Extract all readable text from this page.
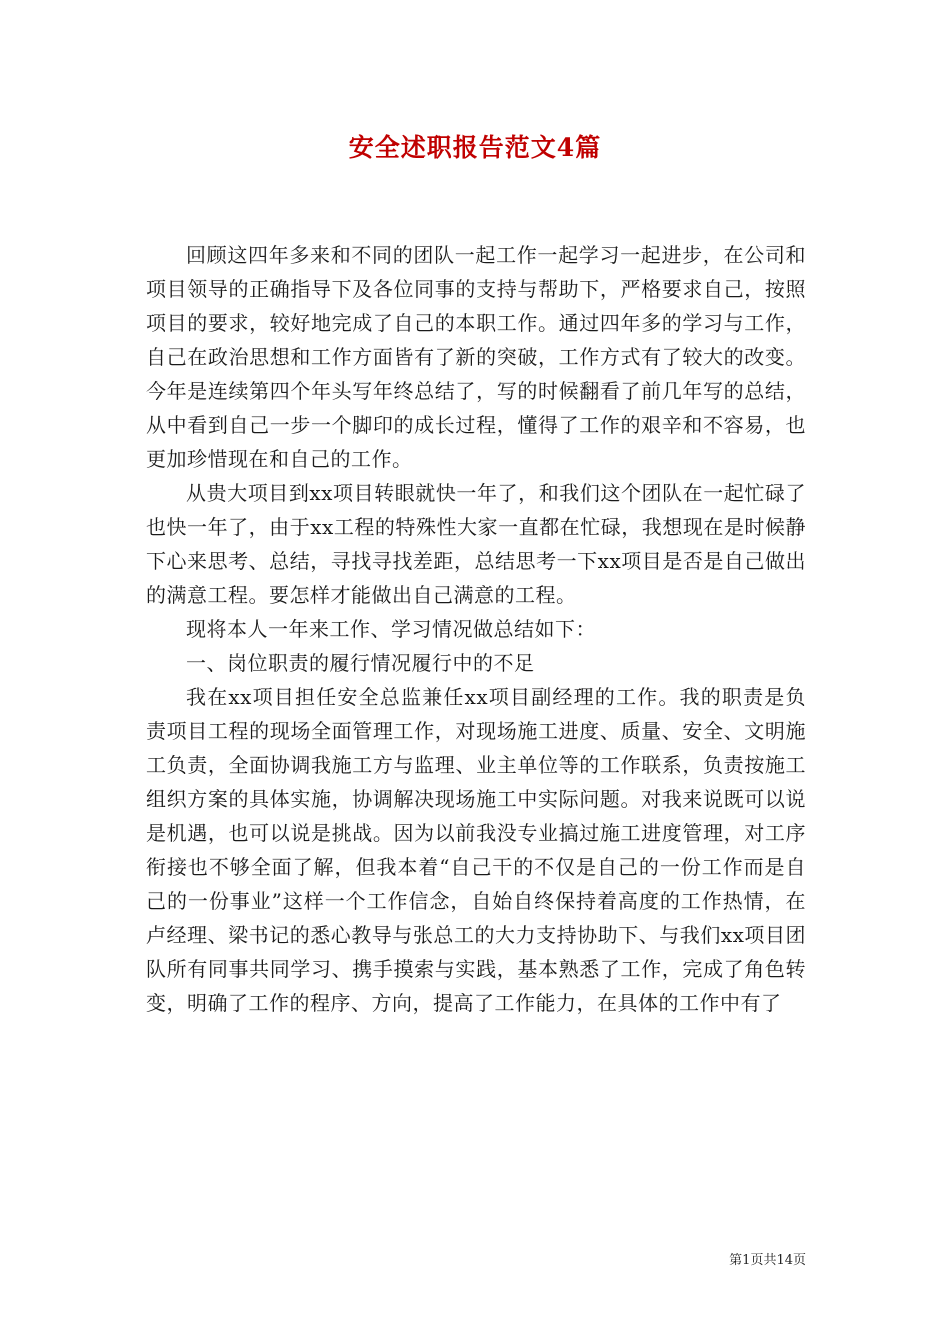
安全述职报告范文4篇

回顾这四年多来和不同的团队一起工作一起学习一起进步，在公司和项目领导的正确指导下及各位同事的支持与帮助下，严格要求自己，按照项目的要求，较好地完成了自己的本职工作。通过四年多的学习与工作，自己在政治思想和工作方面皆有了新的突破，工作方式有了较大的改变。今年是连续第四个年头写年终总结了，写的时候翻看了前几年写的总结，从中看到自己一步一个脚印的成长过程，懂得了工作的艰辛和不容易，也更加珍惜现在和自己的工作。

从贵大项目到xx项目转眼就快一年了，和我们这个团队在一起忙碌了也快一年了，由于xx工程的特殊性大家一直都在忙碌，我想现在是时候静下心来思考、总结，寻找寻找差距，总结思考一下xx项目是否是自己做出的满意工程。要怎样才能做出自己满意的工程。

现将本人一年来工作、学习情况做总结如下：

一、岗位职责的履行情况履行中的不足

我在xx项目担任安全总监兼任xx项目副经理的工作。我的职责是负责项目工程的现场全面管理工作，对现场施工进度、质量、安全、文明施工负责，全面协调我施工方与监理、业主单位等的工作联系，负责按施工组织方案的具体实施，协调解决现场施工中实际问题。对我来说既可以说是机遇，也可以说是挑战。因为以前我没专业搞过施工进度管理，对工序衔接也不够全面了解，但我本着“自己干的不仅是自己的一份工作而是自己的一份事业”这样一个工作信念，自始自终保持着高度的工作热情，在卢经理、梁书记的悉心教导与张总工的大力支持协助下、与我们xx项目团队所有同事共同学习、携手摸索与实践，基本熟悉了工作，完成了角色转变，明确了工作的程序、方向，提高了工作能力，在具体的工作中有了

第1页共14页
